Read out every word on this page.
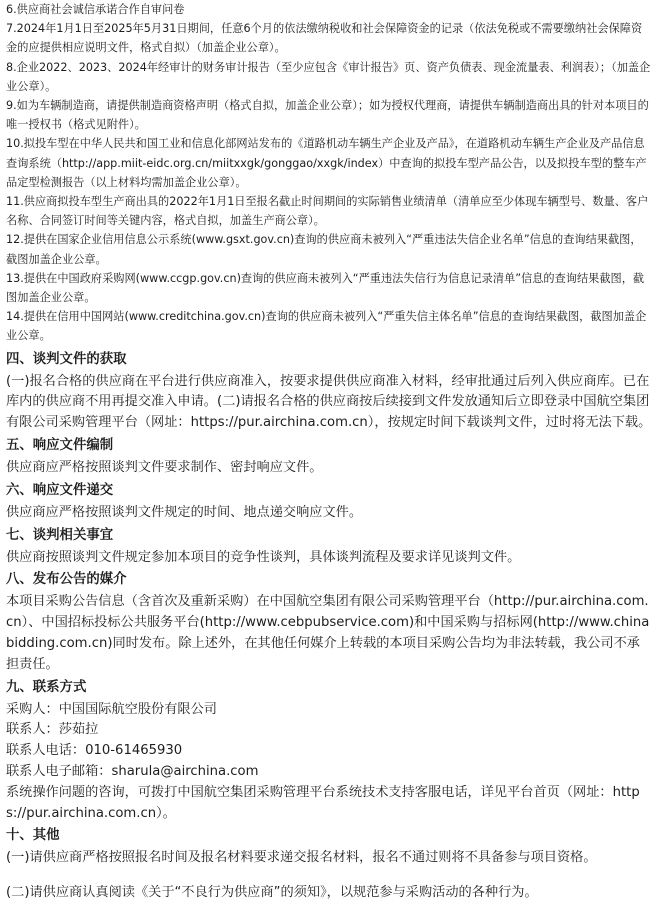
6.供应商社会诚信承诺合作自审问卷

7.2024年1月1日至2025年5月31日期间，任意6个月的依法缴纳税收和社会保障资金的记录（依法免税或不需要缴纳社会保障资金的应提供相应说明文件，格式自拟）（加盖企业公章）。

8.企业2022、2023、2024年经审计的财务审计报告（至少应包含《审计报告》页、资产负债表、现金流量表、利润表）；（加盖企业公章）。

9.如为车辆制造商，请提供制造商资格声明（格式自拟，加盖企业公章）；如为授权代理商，请提供车辆制造商出具的针对本项目的唯一授权书（格式见附件）。

10.拟投车型在中华人民共和国工业和信息化部网站发布的《道路机动车辆生产企业及产品》，在道路机动车辆生产企业及产品信息查询系统（http://app.miit-eidc.org.cn/miitxxgk/gonggao/xxgk/index）中查询的拟投车型产品公告，以及拟投车型的整车产品定型检测报告（以上材料均需加盖企业公章）。

11.供应商拟投车型生产商出具的2022年1月1日至报名截止时间期间的实际销售业绩清单（清单应至少体现车辆型号、数量、客户名称、合同签订时间等关键内容，格式自拟，加盖生产商公章）。

12.提供在国家企业信用信息公示系统(www.gsxt.gov.cn)查询的供应商未被列入“严重违法失信企业名单”信息的查询结果截图，截图加盖企业公章。

13.提供在中国政府采购网(www.ccgp.gov.cn)查询的供应商未被列入“严重违法失信行为信息记录清单”信息的查询结果截图，截图加盖企业公章。

14.提供在信用中国网站(www.creditchina.gov.cn)查询的供应商未被列入“严重失信主体名单”信息的查询结果截图，截图加盖企业公章。

四、谈判文件的获取

(一)报名合格的供应商在平台进行供应商准入，按要求提供供应商准入材料，经审批通过后列入供应商库。已在库内的供应商不用再提交准入申请。(二)请报名合格的供应商按后续接到文件发放通知后立即登录中国航空集团有限公司采购管理平台（网址：https://pur.airchina.com.cn），按规定时间下载谈判文件，过时将无法下载。

五、响应文件编制

供应商应严格按照谈判文件要求制作、密封响应文件。

六、响应文件递交

供应商应严格按照谈判文件规定的时间、地点递交响应文件。

七、谈判相关事宜

供应商按照谈判文件规定参加本项目的竞争性谈判，具体谈判流程及要求详见谈判文件。

八、发布公告的媒介

本项目采购公告信息（含首次及重新采购）在中国航空集团有限公司采购管理平台（http://pur.airchina.com.cn）、中国招标投标公共服务平台(http://www.cebpubservice.com)和中国采购与招标网(http://www.chinabidding.com.cn)同时发布。除上述外，在其他任何媒介上转载的本项目采购公告均为非法转载，我公司不承担责任。

九、联系方式

采购人：中国国际航空股份有限公司

联系人：莎茹拉

联系人电话：010-61465930

联系人电子邮箱：sharula@airchina.com

系统操作问题的咨询，可拨打中国航空集团采购管理平台系统技术支持客服电话，详见平台首页（网址：https://pur.airchina.com.cn）。

十、其他

(一)请供应商严格按照报名时间及报名材料要求递交报名材料，报名不通过则将不具备参与项目资格。

(二)请供应商认真阅读《关于“不良行为供应商”的须知》，以规范参与采购活动的各种行为。
